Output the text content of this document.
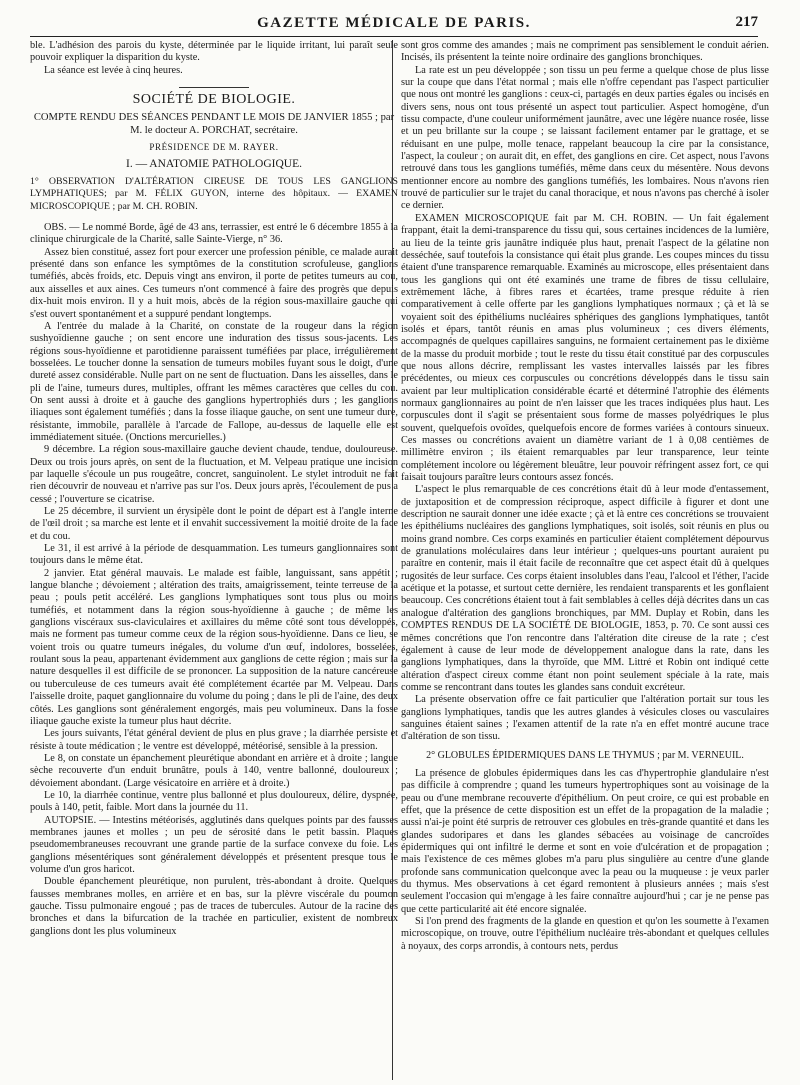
GAZETTE MÉDICALE DE PARIS.	217

ble. L'adhésion des parois du kyste, déterminée par le liquide irritant, lui paraît seule pouvoir expliquer la disparition du kyste.

La séance est levée à cinq heures.

SOCIÉTÉ DE BIOLOGIE.
COMPTE RENDU DES SÉANCES PENDANT LE MOIS DE JANVIER 1855 ; par M. le docteur A. PORCHAT, secrétaire.
PRÉSIDENCE DE M. RAYER.
I. — ANATOMIE PATHOLOGIQUE.

1° OBSERVATION D'ALTÉRATION CIREUSE DE TOUS LES GANGLIONS LYMPHATIQUES; par M. FÉLIX GUYON, interne des hôpitaux. — EXAMEN MICROSCOPIQUE ; par M. CH. ROBIN.

OBS. — Le nommé Borde, âgé de 43 ans, terrassier, est entré le 6 décembre 1855 à la clinique chirurgicale de la Charité, salle Sainte-Vierge, n° 36.

Assez bien constitué, assez fort pour exercer une profession pénible, ce malade aurait présenté dans son enfance les symptômes de la constitution scrofuleuse, ganglions tuméfiés, abcès froids, etc. Depuis vingt ans environ, il porte de petites tumeurs au cou, aux aisselles et aux aines. Ces tumeurs n'ont commencé à faire des progrès que depuis dix-huit mois environ. Il y a huit mois, abcès de la région sous-maxillaire gauche qui s'est ouvert spontanément et a suppuré pendant longtemps.

A l'entrée du malade à la Charité, on constate de la rougeur dans la région sushyoïdienne gauche ; on sent encore une induration des tissus sous-jacents. Les régions sous-hyoïdienne et parotidienne paraissent tuméfiées par place, irrégulièrement bosselées. Le toucher donne la sensation de tumeurs mobiles fuyant sous le doigt, d'une dureté assez considérable. Nulle part on ne sent de fluctuation. Dans les aisselles, dans le pli de l'aine, tumeurs dures, multiples, offrant les mêmes caractères que celles du cou. On sent aussi à droite et à gauche des ganglions hypertrophiés durs ; les ganglions iliaques sont également tuméfiés ; dans la fosse iliaque gauche, on sent une tumeur dure, résistante, immobile, parallèle à l'arcade de Fallope, au-dessus de laquelle elle est immédiatement située. (Onctions mercurielles.)

9 décembre. La région sous-maxillaire gauche devient chaude, tendue, douloureuse. Deux ou trois jours après, on sent de la fluctuation, et M. Velpeau pratique une incision par laquelle s'écoule un pus rougeâtre, concret, sanguinolent. Le stylet introduit ne fait rien découvrir de nouveau et n'arrive pas sur l'os. Deux jours après, l'écoulement de pus a cessé ; l'ouverture se cicatrise.

Le 25 décembre, il survient un érysipèle dont le point de départ est à l'angle interne de l'œil droit ; sa marche est lente et il envahit successivement la moitié droite de la face et du cou.

Le 31, il est arrivé à la période de desquammation. Les tumeurs ganglionnaires sont toujours dans le même état.

2 janvier. Etat général mauvais. Le malade est faible, languissant, sans appétit ; langue blanche ; dévoiement ; altération des traits, amaigrissement, teinte terreuse de la peau ; pouls petit accéléré. Les ganglions lymphatiques sont tous plus ou moins tuméfiés, et notamment dans la région sous-hyoïdienne à gauche ; de même les ganglions viscéraux sus-claviculaires et axillaires du même côté sont tous développés, mais ne forment pas tumeur comme ceux de la région sous-hyoïdienne. Dans ce lieu, se voient trois ou quatre tumeurs inégales, du volume d'un œuf, indolores, bosselées, roulant sous la peau, appartenant évidemment aux ganglions de cette région ; mais sur la nature desquelles il est difficile de se prononcer. La supposition de la nature cancéreuse ou tuberculeuse de ces tumeurs avait été complétement écartée par M. Velpeau. Dans l'aisselle droite, paquet ganglionnaire du volume du poing ; dans le pli de l'aine, des deux côtés. Les ganglions sont généralement engorgés, mais peu volumineux. Dans la fosse iliaque gauche existe la tumeur plus haut décrite.

Les jours suivants, l'état général devient de plus en plus grave ; la diarrhée persiste et résiste à toute médication ; le ventre est développé, météorisé, sensible à la pression.

Le 8, on constate un épanchement pleurétique abondant en arrière et à droite ; langue sèche recouverte d'un enduit brunâtre, pouls à 140, ventre ballonné, douloureux ; dévoiement abondant. (Large vésicatoire en arrière et à droite.)

Le 10, la diarrhée continue, ventre plus ballonné et plus douloureux, délire, dyspnée, pouls à 140, petit, faible. Mort dans la journée du 11.

AUTOPSIE. — Intestins météorisés, agglutinés dans quelques points par des fausses membranes jaunes et molles ; un peu de sérosité dans le petit bassin. Plaques pseudomembraneuses recouvrant une grande partie de la surface convexe du foie. Les ganglions mésentériques sont généralement développés et présentent presque tous le volume d'un gros haricot.

Double épanchement pleurétique, non purulent, très-abondant à droite. Quelques fausses membranes molles, en arrière et en bas, sur la plèvre viscérale du poumon gauche. Tissu pulmonaire engoué ; pas de traces de tubercules. Autour de la racine des bronches et dans la bifurcation de la trachée en particulier, existent de nombreux ganglions dont les plus volumineux

sont gros comme des amandes ; mais ne compriment pas sensiblement le conduit aérien. Incisés, ils présentent la teinte noire ordinaire des ganglions bronchiques.

La rate est un peu développée ; son tissu un peu ferme a quelque chose de plus lisse sur la coupe que dans l'état normal ; mais elle n'offre cependant pas l'aspect particulier que nous ont montré les ganglions : ceux-ci, partagés en deux parties égales ou incisés en divers sens, nous ont tous présenté un aspect tout particulier. Aspect homogène, d'un tissu compacte, d'une couleur uniformément jaunâtre, avec une légère nuance rosée, lisse et un peu brillante sur la coupe ; se laissant facilement entamer par le grattage, et se réduisant en une pulpe, molle tenace, rappelant beaucoup la cire par la consistance, l'aspect, la couleur ; on aurait dit, en effet, des ganglions en cire. Cet aspect, nous l'avons retrouvé dans tous les ganglions tuméfiés, même dans ceux du mésentère. Nous devons mentionner encore au nombre des ganglions tuméfiés, les lombaires. Nous n'avons rien trouvé de particulier sur le trajet du canal thoracique, et nous n'avons pas cherché à isoler ce dernier.

EXAMEN MICROSCOPIQUE fait par M. CH. ROBIN. — Un fait également frappant, était la demi-transparence du tissu qui, sous certaines incidences de la lumière, au lieu de la teinte gris jaunâtre indiquée plus haut, prenait l'aspect de la gélatine non desséchée, sauf toutefois la consistance qui était plus grande. Les coupes minces du tissu étaient d'une transparence remarquable. Examinés au microscope, elles présentaient dans tous les ganglions qui ont été examinés une trame de fibres de tissu cellulaire, extrêmement lâche, à fibres rares et écartées, trame presque réduite à rien comparativement à celle offerte par les ganglions lymphatiques normaux ; çà et là se voyaient soit des épithéliums nucléaires sphériques des ganglions lymphatiques, tantôt isolés et épars, tantôt réunis en amas plus volumineux ; ces divers éléments, accompagnés de quelques capillaires sanguins, ne formaient certainement pas le dixième de la masse du produit morbide ; tout le reste du tissu était constitué par des corpuscules que nous allons décrire, remplissant les vastes intervalles laissés par les fibres précédentes, ou mieux ces corpuscules ou concrétions développés dans le tissu sain avaient par leur multiplication considérable écarté et déterminé l'atrophie des éléments normaux ganglionnaires au point de n'en laisser que les traces indiquées plus haut. Les corpuscules dont il s'agit se présentaient sous forme de masses polyédriques le plus souvent, quelquefois ovoïdes, quelquefois encore de formes variées à contours sinueux. Ces masses ou concrétions avaient un diamètre variant de 1 à 0,08 centièmes de millimètre environ ; ils étaient remarquables par leur transparence, leur teinte complétement incolore ou légèrement bleuâtre, leur pouvoir réfringent assez fort, ce qui faisait toujours paraître leurs contours assez foncés.

L'aspect le plus remarquable de ces concrétions était dû à leur mode d'entassement, de juxtaposition et de compression réciproque, aspect difficile à figurer et dont une description ne saurait donner une idée exacte ; çà et là entre ces concrétions se trouvaient les épithéliums nucléaires des ganglions lymphatiques, soit isolés, soit réunis en plus ou moins grand nombre. Ces corps examinés en particulier étaient complétement dépourvus de granulations moléculaires dans leur intérieur ; quelques-uns pourtant auraient pu paraître en contenir, mais il était facile de reconnaître que cet aspect était dû à quelques rugosités de leur surface. Ces corps étaient insolubles dans l'eau, l'alcool et l'éther, l'acide acétique et la potasse, et surtout cette dernière, les rendaient transparents et les gonflaient beaucoup. Ces concrétions étaient tout à fait semblables à celles déjà décrites dans un cas analogue d'altération des ganglions bronchiques, par MM. Duplay et Robin, dans les COMPTES RENDUS DE LA SOCIÉTÉ DE BIOLOGIE, 1853, p. 70. Ce sont aussi ces mêmes concrétions que l'on rencontre dans l'altération dite cireuse de la rate ; c'est également à cause de leur mode de développement analogue dans la rate, dans les ganglions lymphatiques, dans la thyroïde, que MM. Littré et Robin ont indiqué cette altération d'aspect cireux comme étant non point seulement spéciale à la rate, mais comme se rencontrant dans toutes les glandes sans conduit excréteur.

La présente observation offre ce fait particulier que l'altération portait sur tous les ganglions lymphatiques, tandis que les autres glandes à vésicules closes ou vasculaires sanguines étaient saines ; l'examen attentif de la rate n'a en effet montré aucune trace d'altération de son tissu.

2° GLOBULES ÉPIDERMIQUES DANS LE THYMUS ; par M. VERNEUIL.

La présence de globules épidermiques dans les cas d'hypertrophie glandulaire n'est pas difficile à comprendre ; quand les tumeurs hypertrophiques sont au voisinage de la peau ou d'une membrane recouverte d'épithélium. On peut croire, ce qui est probable en effet, que la présence de cette disposition est un effet de la propagation de la maladie ; aussi n'ai-je point été surpris de retrouver ces globules en très-grande quantité et dans les glandes sudoripares et dans les glandes sébacées au voisinage de cancroïdes épidermiques qui ont infiltré le derme et sont en voie d'ulcération et de propagation ; mais l'existence de ces mêmes globes m'a paru plus singulière au centre d'une glande profonde sans communication quelconque avec la peau ou la muqueuse : je veux parler du thymus. Mes observations à cet égard remontent à plusieurs années ; mais s'est seulement l'occasion qui m'engage à les faire connaître aujourd'hui ; car je ne pense pas que cette particularité ait été encore signalée.

Si l'on prend des fragments de la glande en question et qu'on les soumette à l'examen microscopique, on trouve, outre l'épithélium nucléaire très-abondant et quelques cellules à noyaux, des corps arrondis, à contours nets, perdus
